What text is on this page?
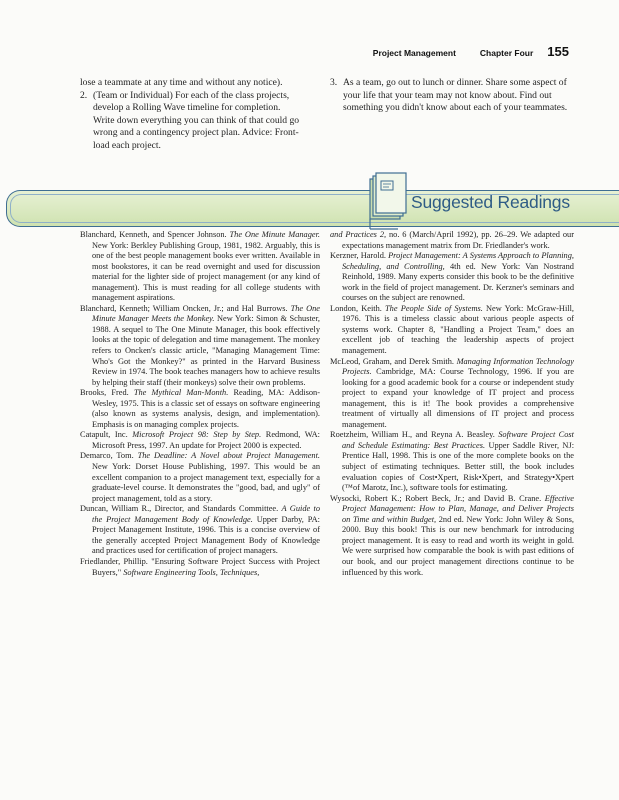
Project Management	Chapter Four 155

lose a teammate at any time and without any notice).

2. (Team or Individual) For each of the class projects, develop a Rolling Wave timeline for completion. Write down everything you can think of that could go wrong and a contingency project plan. Advice: Front-load each project.
3. As a team, go out to lunch or dinner. Share some aspect of your life that your team may not know about. Find out something you didn't know about each of your teammates.
Suggested Readings

Blanchard, Kenneth, and Spencer Johnson. The One Minute Manager. New York: Berkley Publishing Group, 1981, 1982. Arguably, this is one of the best people management books ever written. Available in most bookstores, it can be read overnight and used for discussion material for the lighter side of project management (or any kind of management). This is must reading for all college students with management aspirations.

Blanchard, Kenneth; William Oncken, Jr.; and Hal Burrows. The One Minute Manager Meets the Monkey. New York: Simon & Schuster, 1988. A sequel to The One Minute Manager, this book effectively looks at the topic of delegation and time management. The monkey refers to Oncken's classic article, "Managing Management Time: Who's Got the Monkey?" as printed in the Harvard Business Review in 1974. The book teaches managers how to achieve results by helping their staff (their monkeys) solve their own problems.

Brooks, Fred. The Mythical Man-Month. Reading, MA: Addison-Wesley, 1975. This is a classic set of essays on software engineering (also known as systems analysis, design, and implementation). Emphasis is on managing complex projects.

Catapult, Inc. Microsoft Project 98: Step by Step. Redmond, WA: Microsoft Press, 1997. An update for Project 2000 is expected.

Demarco, Tom. The Deadline: A Novel about Project Management. New York: Dorset House Publishing, 1997. This would be an excellent companion to a project management text, especially for a graduate-level course. It demonstrates the "good, bad, and ugly" of project management, told as a story.

Duncan, William R., Director, and Standards Committee. A Guide to the Project Management Body of Knowledge. Upper Darby, PA: Project Management Institute, 1996. This is a concise overview of the generally accepted Project Management Body of Knowledge and practices used for certification of project managers.

Friedlander, Phillip. "Ensuring Software Project Success with Project Buyers," Software Engineering Tools, Techniques,

and Practices 2, no. 6 (March/April 1992), pp. 26–29. We adapted our expectations management matrix from Dr. Friedlander's work.

Kerzner, Harold. Project Management: A Systems Approach to Planning, Scheduling, and Controlling, 4th ed. New York: Van Nostrand Reinhold, 1989. Many experts consider this book to be the definitive work in the field of project management. Dr. Kerzner's seminars and courses on the subject are renowned.

London, Keith. The People Side of Systems. New York: McGraw-Hill, 1976. This is a timeless classic about various people aspects of systems work. Chapter 8, "Handling a Project Team," does an excellent job of teaching the leadership aspects of project management.

McLeod, Graham, and Derek Smith. Managing Information Technology Projects. Cambridge, MA: Course Technology, 1996. If you are looking for a good academic book for a course or independent study project to expand your knowledge of IT project and process management, this is it! The book provides a comprehensive treatment of virtually all dimensions of IT project and process management.

Roetzheim, William H., and Reyna A. Beasley. Software Project Cost and Schedule Estimating: Best Practices. Upper Saddle River, NJ: Prentice Hall, 1998. This is one of the more complete books on the subject of estimating techniques. Better still, the book includes evaluation copies of Cost•Xpert, Risk•Xpert, and Strategy•Xpert (™of Marotz, Inc.), software tools for estimating.

Wysocki, Robert K.; Robert Beck, Jr.; and David B. Crane. Effective Project Management: How to Plan, Manage, and Deliver Projects on Time and within Budget, 2nd ed. New York: John Wiley & Sons, 2000. Buy this book! This is our new benchmark for introducing project management. It is easy to read and worth its weight in gold. We were surprised how comparable the book is with past editions of our book, and our project management directions continue to be influenced by this work.
